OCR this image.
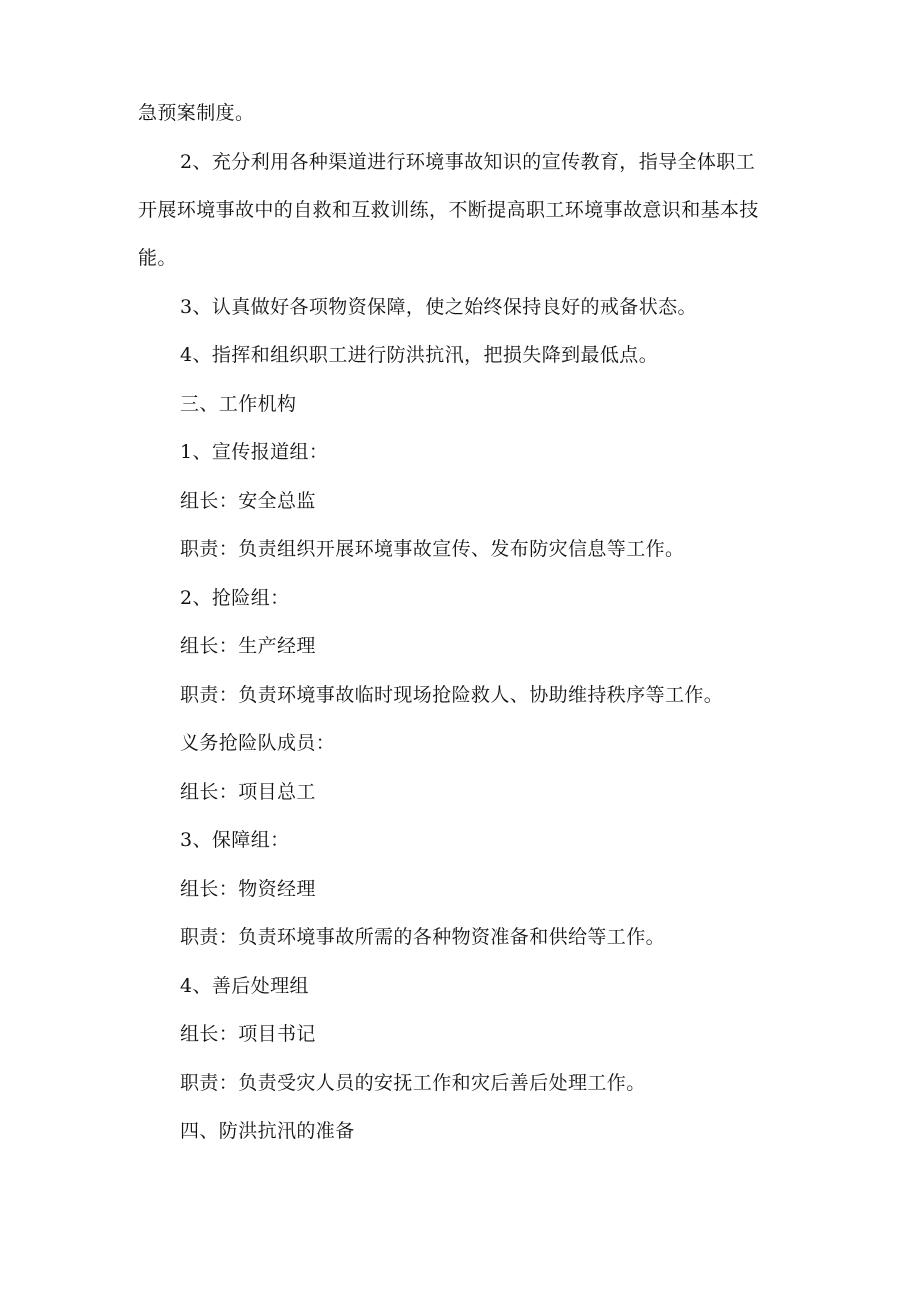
急预案制度。
2、充分利用各种渠道进行环境事故知识的宣传教育，指导全体职工
开展环境事故中的自救和互救训练，不断提高职工环境事故意识和基本技
能。
3、认真做好各项物资保障，使之始终保持良好的戒备状态。
4、指挥和组织职工进行防洪抗汛，把损失降到最低点。
三、工作机构
1、宣传报道组：
组长：安全总监
职责：负责组织开展环境事故宣传、发布防灾信息等工作。
2、抢险组：
组长：生产经理
职责：负责环境事故临时现场抢险救人、协助维持秩序等工作。
义务抢险队成员：
组长：项目总工
3、保障组：
组长：物资经理
职责：负责环境事故所需的各种物资准备和供给等工作。
4、善后处理组
组长：项目书记
职责：负责受灾人员的安抚工作和灾后善后处理工作。
四、防洪抗汛的准备
